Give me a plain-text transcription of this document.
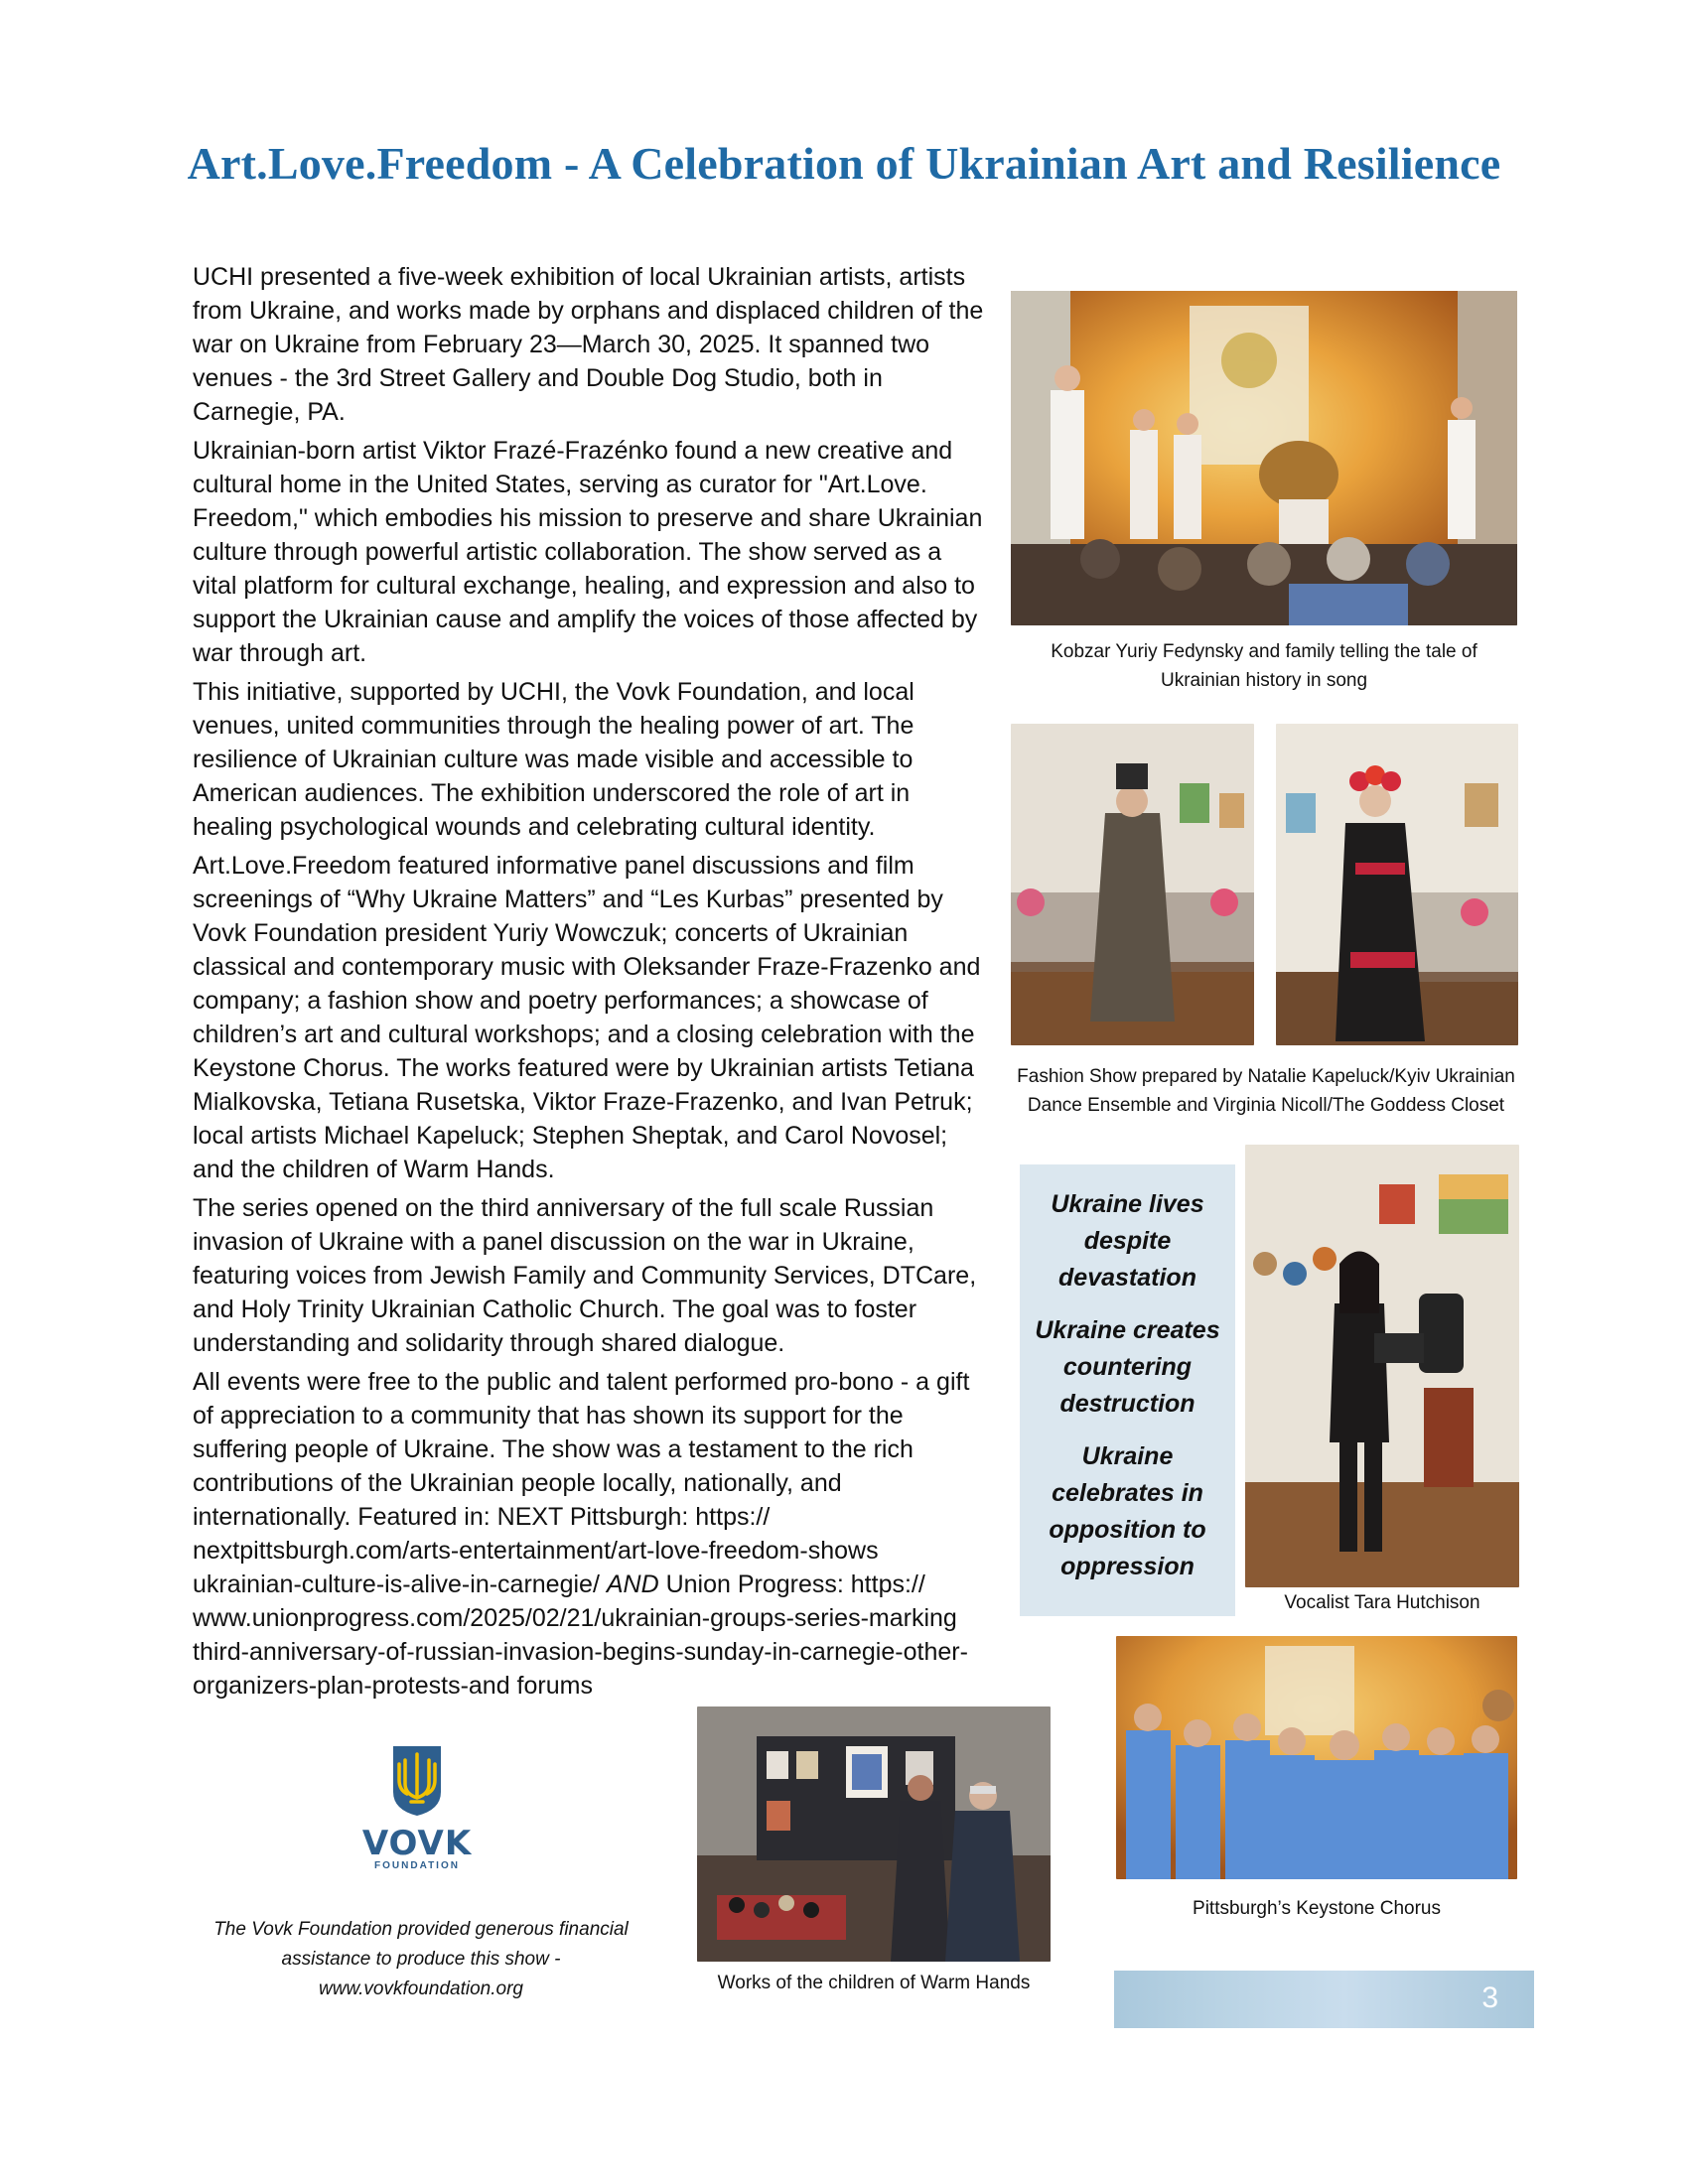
Art.Love.Freedom - A Celebration of Ukrainian Art and Resilience

UCHI presented a five-week exhibition of local Ukrainian artists, artists from Ukraine, and works made by orphans and displaced children of the war on Ukraine from February 23—March 30, 2025. It spanned two venues - the 3rd Street Gallery and Double Dog Studio, both in Carnegie, PA.

Ukrainian-born artist Viktor Frazé-Frazénko found a new creative and cultural home in the United States, serving as curator for "Art.Love. Freedom," which embodies his mission to preserve and share Ukrainian culture through powerful artistic collaboration. The show served as a vital platform for cultural exchange, healing, and expression and also to support the Ukrainian cause and amplify the voices of those affected by war through art.

This initiative, supported by UCHI, the Vovk Foundation, and local venues, united communities through the healing power of art. The resilience of Ukrainian culture was made visible and accessible to American audiences. The exhibition underscored the role of art in healing psychological wounds and celebrating cultural identity.

Art.Love.Freedom featured informative panel discussions and film screenings of “Why Ukraine Matters” and “Les Kurbas” presented by Vovk Foundation president Yuriy Wowczuk; concerts of Ukrainian classical and contemporary music with Oleksander Fraze-Frazenko and company; a fashion show and poetry performances; a showcase of children’s art and cultural workshops; and a closing celebration with the Keystone Chorus. The works featured were by Ukrainian artists Tetiana Mialkovska, Tetiana Rusetska, Viktor Fraze-Frazenko, and Ivan Petruk; local artists Michael Kapeluck; Stephen Sheptak, and Carol Novosel; and the children of Warm Hands.

The series opened on the third anniversary of the full scale Russian invasion of Ukraine with a panel discussion on the war in Ukraine, featuring voices from Jewish Family and Community Services, DTCare, and Holy Trinity Ukrainian Catholic Church. The goal was to foster understanding and solidarity through shared dialogue.

All events were free to the public and talent performed pro-bono - a gift of appreciation to a community that has shown its support for the suffering people of Ukraine. The show was a testament to the rich contributions of the Ukrainian people locally, nationally, and internationally. Featured in: NEXT Pittsburgh: https:// nextpittsburgh.com/arts-entertainment/art-love-freedom-shows ukrainian-culture-is-alive-in-carnegie/ AND Union Progress: https:// www.unionprogress.com/2025/02/21/ukrainian-groups-series-marking third-anniversary-of-russian-invasion-begins-sunday-in-carnegie-other-organizers-plan-protests-and forums

Kobzar Yuriy Fedynsky and family telling the tale of Ukrainian history in song
Fashion Show prepared by Natalie Kapeluck/Kyiv Ukrainian Dance Ensemble and Virginia Nicoll/The Goddess Closet

Ukraine lives despite devastation

Ukraine creates countering destruction

Ukraine celebrates in opposition to oppression

Vocalist Tara Hutchison
Pittsburgh’s Keystone Chorus
Works of the children of Warm Hands
VOVK
FOUNDATION
The Vovk Foundation provided generous financial assistance to produce this show - www.vovkfoundation.org	3
